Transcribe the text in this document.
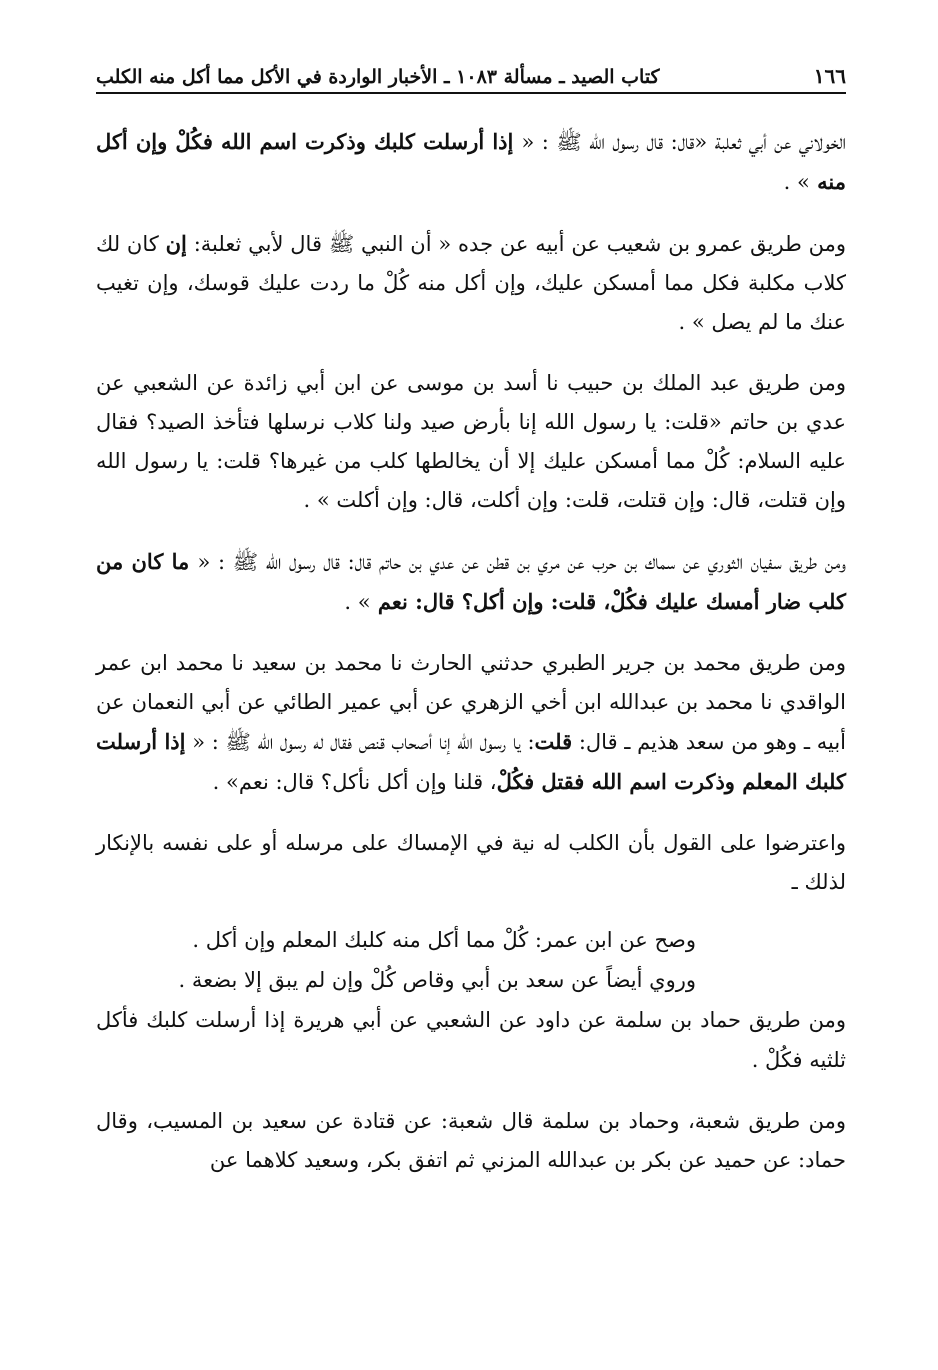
١٦٦
كتاب الصيد ـ مسألة ١٠٨٣ ـ الأخبار الواردة في الأكل مما أكل منه الكلب

الخولاني عن أبي ثعلبة «قال: قال رسول الله ﷺ : « إذا أرسلت كلبك وذكرت اسم الله فكُلْ وإن أكل منه » .

ومن طريق عمرو بن شعيب عن أبيه عن جده « أن النبي ﷺ قال لأبي ثعلبة: إن كان لك كلاب مكلبة فكل مما أمسكن عليك، وإن أكل منه كُلْ ما ردت عليك قوسك، وإن تغيب عنك ما لم يصل » .

ومن طريق عبد الملك بن حبيب نا أسد بن موسى عن ابن أبي زائدة عن الشعبي عن عدي بن حاتم «قلت: يا رسول الله إنا بأرض صيد ولنا كلاب نرسلها فتأخذ الصيد؟ فقال عليه السلام: كُلْ مما أمسكن عليك إلا أن يخالطها كلب من غيرها؟ قلت: يا رسول الله وإن قتلت، قال: وإن قتلت، قلت: وإن أكلت، قال: وإن أكلت » .

ومن طريق سفيان الثوري عن سماك بن حرب عن مري بن قطن عن عدي بن حاتم قال: قال رسول الله ﷺ : « ما كان من كلب ضار أمسك عليك فكُلْ، قلت: وإن أكل؟ قال: نعم » .

ومن طريق محمد بن جرير الطبري حدثني الحارث نا محمد بن سعيد نا محمد ابن عمر الواقدي نا محمد بن عبدالله ابن أخي الزهري عن أبي عمير الطائي عن أبي النعمان عن أبيه ـ وهو من سعد هذيم ـ قال: قلت: يا رسول الله إنا أصحاب قنص فقال له رسول الله ﷺ : « إذا أرسلت كلبك المعلم وذكرت اسم الله فقتل فكُلْ، قلنا وإن أكل نأكل؟ قال: نعم» .

واعترضوا على القول بأن الكلب له نية في الإمساك على مرسله أو على نفسه بالإنكار لذلك ـ

وصح عن ابن عمر: كُلْ مما أكل منه كلبك المعلم وإن أكل .

وروي أيضاً عن سعد بن أبي وقاص كُلْ وإن لم يبق إلا بضعة .

ومن طريق حماد بن سلمة عن داود عن الشعبي عن أبي هريرة إذا أرسلت كلبك فأكل ثلثيه فكُلْ .

ومن طريق شعبة، وحماد بن سلمة قال شعبة: عن قتادة عن سعيد بن المسيب، وقال حماد: عن حميد عن بكر بن عبدالله المزني ثم اتفق بكر، وسعيد كلاهما عن
